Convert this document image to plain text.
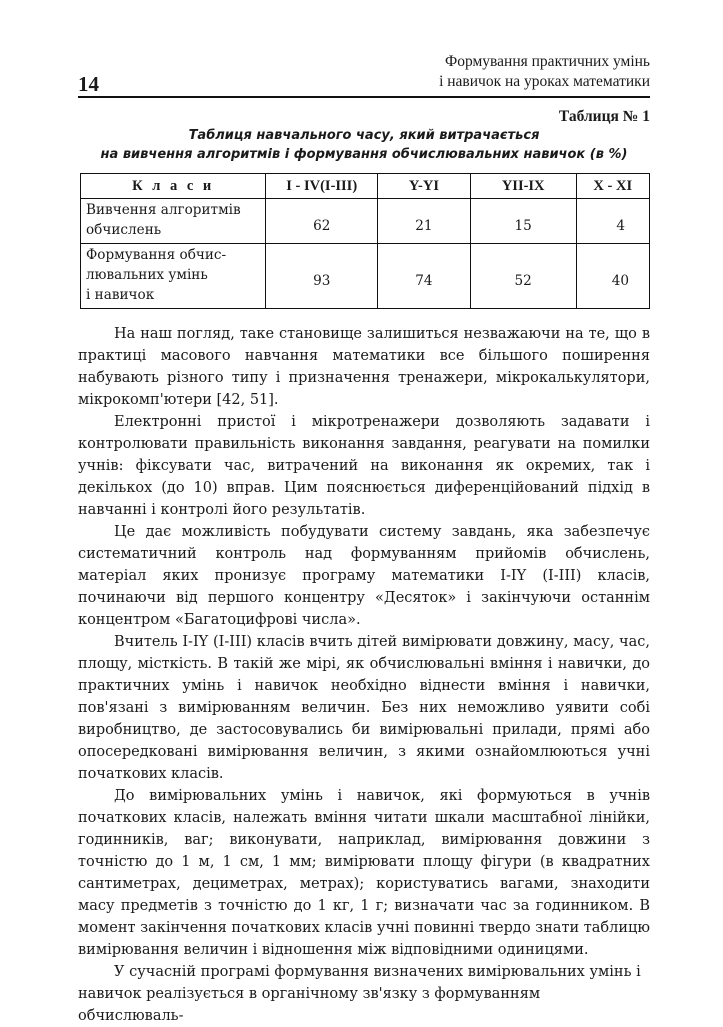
14
Формування практичних умінь
і навичок на уроках математики
Таблиця № 1
Таблиця навчального часу, який витрачається
на вивчення алгоритмів і формування обчислювальних навичок (в %)
К л а с и	I - IV(I-III)	Y-YI	YII-IX	X - XI

Вивчення алгоритмів
обчислень	62	21	15	4

Формування обчис-
лювальних умінь
і навичок	93	74	52	40

На наш погляд, таке становище залишиться незважаючи на те, що в практиці масового навчання математики все більшого поширення набувають різного типу і призначення тренажери, мікрокалькулятори, мікрокомп'ютери [42, 51].

Електронні пристої і мікротренажери дозволяють задавати і контролювати правильність виконання завдання, реагувати на помилки учнів: фіксувати час, витрачений на виконання як окремих, так і декількох (до 10) вправ. Цим пояснюється диференційований підхід в навчанні і контролі його результатів.

Це дає можливість побудувати систему завдань, яка забезпечує систематичний контроль над формуванням прийомів обчислень, матеріал яких пронизує програму математики I-IY (I-III) класів, починаючи від першого концентру «Десяток» і закінчуючи останнім концентром «Багатоцифрові числа».

Вчитель I-IY (I-III) класів вчить дітей вимірювати довжину, масу, час, площу, місткість. В такій же мірі, як обчислювальні вміння і навички, до практичних умінь і навичок необхідно віднести вміння і навички, пов'язані з вимірюванням величин. Без них неможливо уявити собі виробництво, де застосовувались би вимірювальні прилади, прямі або опосередковані вимірювання величин, з якими ознайомлюються учні початкових класів.

До вимірювальних умінь і навичок, які формуються в учнів початкових класів, належать вміння читати шкали масштабної лінійки, годинників, ваг; виконувати, наприклад, вимірювання довжини з точністю до 1 м, 1 см, 1 мм; вимірювати площу фігури (в квадратних сантиметрах, дециметрах, метрах); користуватись вагами, знаходити масу предметів з точністю до 1 кг, 1 г; визначати час за годинником. В момент закінчення початкових класів учні повинні твердо знати таблицю вимірювання величин і відношення між відповідними одиницями.

У сучасній програмі формування визначених вимірювальних умінь і навичок реалізується в органічному зв'язку з формуванням обчислюваль-
